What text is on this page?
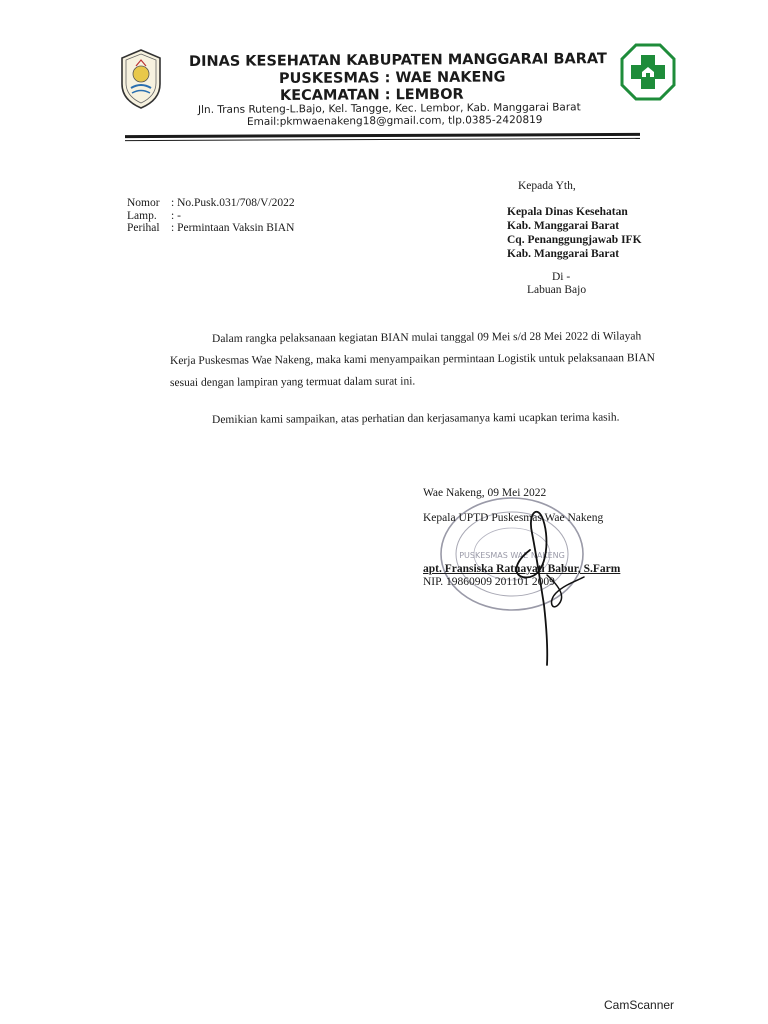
DINAS KESEHATAN KABUPATEN MANGGARAI BARAT
PUSKESMAS : WAE NAKENG
KECAMATAN : LEMBOR
Jln. Trans Ruteng-L.Bajo, Kel. Tangge, Kec. Lembor, Kab. Manggarai Barat
Email:pkmwaenakeng18@gmail.com, tlp.0385-2420819
Kepada Yth,
Kepala Dinas Kesehatan
Kab. Manggarai Barat
Cq. Penanggungjawab IFK
Kab. Manggarai Barat
Di -
Labuan Bajo
Nomor : No.Pusk.031/708/V/2022
Lamp. : -
Perihal : Permintaan Vaksin BIAN
Dalam rangka pelaksanaan kegiatan BIAN mulai tanggal 09 Mei s/d 28 Mei 2022 di Wilayah
Kerja Puskesmas Wae Nakeng, maka kami menyampaikan permintaan Logistik untuk pelaksanaan BIAN
sesuai dengan lampiran yang termuat dalam surat ini.
Demikian kami sampaikan, atas perhatian dan kerjasamanya kami ucapkan terima kasih.
PUSKESMAS WAE NAKENG
Wae Nakeng, 09 Mei 2022
Kepala UPTD Puskesmas Wae Nakeng
apt. Fransiska Ratnayati Babur, S.Farm
NIP. 19860909 201101 2009
CamScanner
